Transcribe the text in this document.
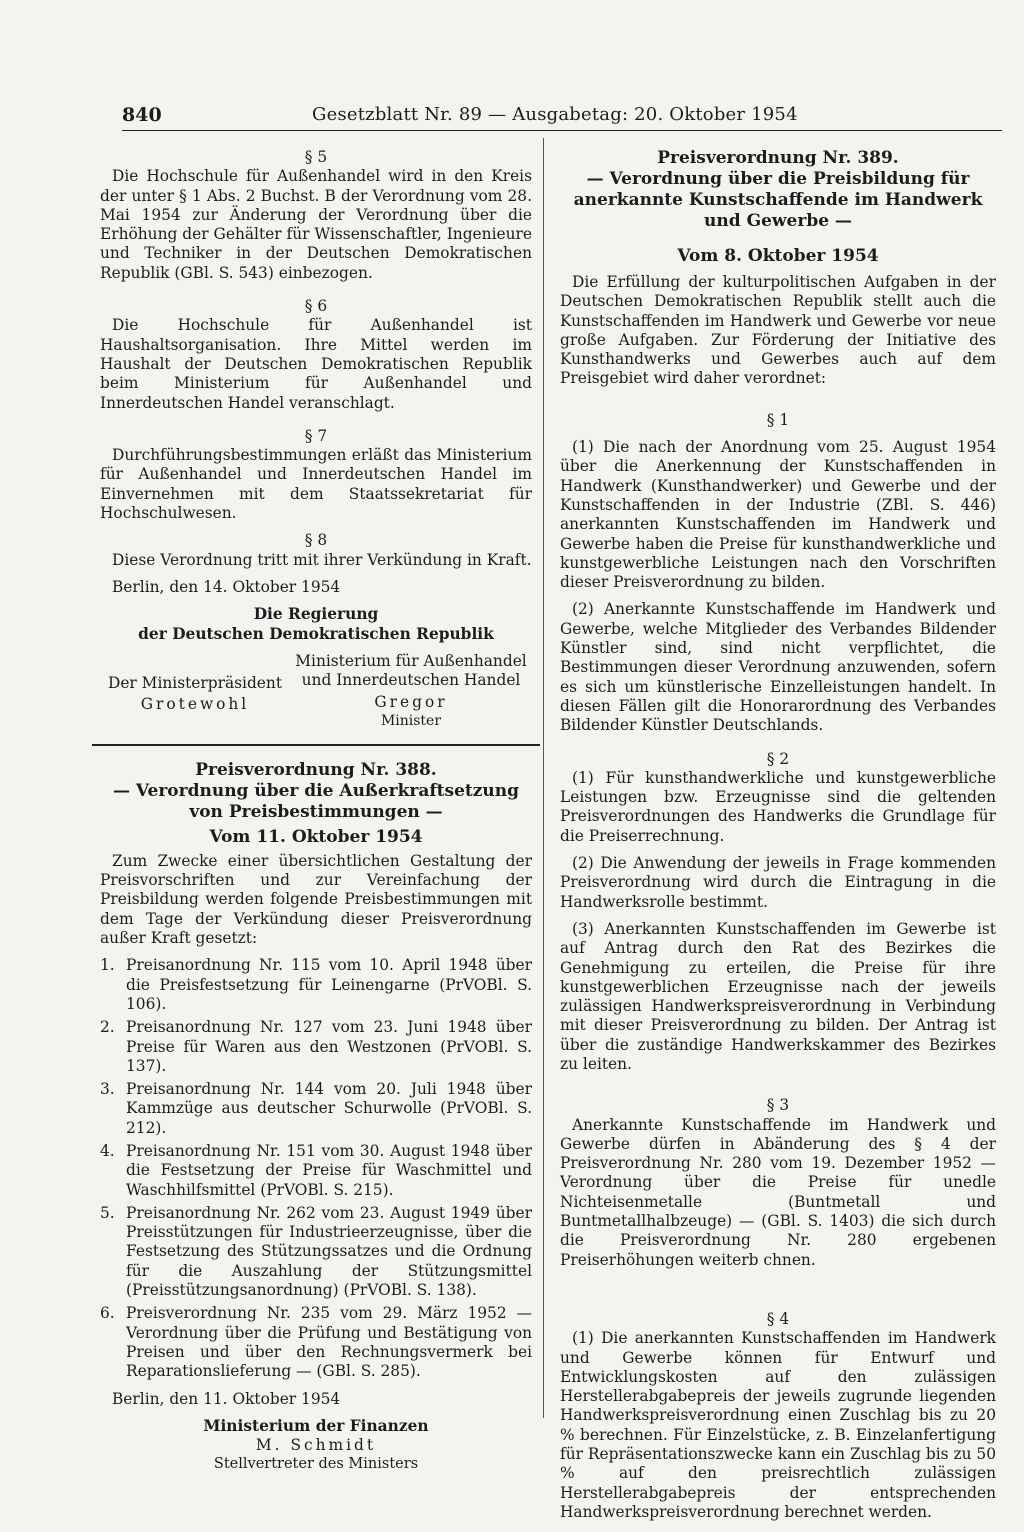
840	Gesetzblatt Nr. 89 — Ausgabetag: 20. Oktober 1954

§ 5

Die Hochschule für Außenhandel wird in den Kreis der unter § 1 Abs. 2 Buchst. B der Verordnung vom 28. Mai 1954 zur Änderung der Verordnung über die Erhöhung der Gehälter für Wissenschaftler, Ingenieure und Techniker in der Deutschen Demokratischen Republik (GBl. S. 543) einbezogen.

§ 6

Die Hochschule für Außenhandel ist Haushaltsorganisation. Ihre Mittel werden im Haushalt der Deutschen Demokratischen Republik beim Ministerium für Außenhandel und Innerdeutschen Handel veranschlagt.

§ 7

Durchführungsbestimmungen erläßt das Ministerium für Außenhandel und Innerdeutschen Handel im Einvernehmen mit dem Staatssekretariat für Hochschulwesen.

§ 8

Diese Verordnung tritt mit ihrer Verkündung in Kraft.

Berlin, den 14. Oktober 1954

Die Regierung

der Deutschen Demokratischen Republik

Der Ministerpräsident
Grotewohl
Ministerium für Außenhandel
und Innerdeutschen Handel
Gregor
Minister

Preisverordnung Nr. 388.

— Verordnung über die Außerkraftsetzung von Preisbestimmungen —

Vom 11. Oktober 1954

Zum Zwecke einer übersichtlichen Gestaltung der Preisvorschriften und zur Vereinfachung der Preisbildung werden folgende Preisbestimmungen mit dem Tage der Verkündung dieser Preisverordnung außer Kraft gesetzt:

1. Preisanordnung Nr. 115 vom 10. April 1948 über die Preisfestsetzung für Leinengarne (PrVOBl. S. 106).
2. Preisanordnung Nr. 127 vom 23. Juni 1948 über Preise für Waren aus den Westzonen (PrVOBl. S. 137).
3. Preisanordnung Nr. 144 vom 20. Juli 1948 über Kammzüge aus deutscher Schurwolle (PrVOBl. S. 212).
4. Preisanordnung Nr. 151 vom 30. August 1948 über die Festsetzung der Preise für Waschmittel und Waschhilfsmittel (PrVOBl. S. 215).
5. Preisanordnung Nr. 262 vom 23. August 1949 über Preisstützungen für Industrieerzeugnisse, über die Festsetzung des Stützungssatzes und die Ordnung für die Auszahlung der Stützungsmittel (Preisstützungsanordnung) (PrVOBl. S. 138).
6. Preisverordnung Nr. 235 vom 29. März 1952 — Verordnung über die Prüfung und Bestätigung von Preisen und über den Rechnungsvermerk bei Reparationslieferung — (GBl. S. 285).

Berlin, den 11. Oktober 1954

Ministerium der Finanzen

M. Schmidt

Stellvertreter des Ministers

Preisverordnung Nr. 389.

— Verordnung über die Preisbildung für anerkannte Kunstschaffende im Handwerk und Gewerbe —

Vom 8. Oktober 1954

Die Erfüllung der kulturpolitischen Aufgaben in der Deutschen Demokratischen Republik stellt auch die Kunstschaffenden im Handwerk und Gewerbe vor neue große Aufgaben. Zur Förderung der Initiative des Kunsthandwerks und Gewerbes auch auf dem Preisgebiet wird daher verordnet:

§ 1

(1) Die nach der Anordnung vom 25. August 1954 über die Anerkennung der Kunstschaffenden in Handwerk (Kunsthandwerker) und Gewerbe und der Kunstschaffenden in der Industrie (ZBl. S. 446) anerkannten Kunstschaffenden im Handwerk und Gewerbe haben die Preise für kunsthandwerkliche und kunstgewerbliche Leistungen nach den Vorschriften dieser Preisverordnung zu bilden.

(2) Anerkannte Kunstschaffende im Handwerk und Gewerbe, welche Mitglieder des Verbandes Bildender Künstler sind, sind nicht verpflichtet, die Bestimmungen dieser Verordnung anzuwenden, sofern es sich um künstlerische Einzelleistungen handelt. In diesen Fällen gilt die Honorarordnung des Verbandes Bildender Künstler Deutschlands.

§ 2

(1) Für kunsthandwerkliche und kunstgewerbliche Leistungen bzw. Erzeugnisse sind die geltenden Preisverordnungen des Handwerks die Grundlage für die Preiserrechnung.

(2) Die Anwendung der jeweils in Frage kommenden Preisverordnung wird durch die Eintragung in die Handwerksrolle bestimmt.

(3) Anerkannten Kunstschaffenden im Gewerbe ist auf Antrag durch den Rat des Bezirkes die Genehmigung zu erteilen, die Preise für ihre kunstgewerblichen Erzeugnisse nach der jeweils zulässigen Handwerkspreisverordnung in Verbindung mit dieser Preisverordnung zu bilden. Der Antrag ist über die zuständige Handwerkskammer des Bezirkes zu leiten.

§ 3

Anerkannte Kunstschaffende im Handwerk und Gewerbe dürfen in Abänderung des § 4 der Preisverordnung Nr. 280 vom 19. Dezember 1952 — Verordnung über die Preise für unedle Nichteisenmetalle (Buntmetall und Buntmetallhalbzeuge) — (GBl. S. 1403) die sich durch die Preisverordnung Nr. 280 ergebenen Preiserhöhungen weiterb chnen.

§ 4

(1) Die anerkannten Kunstschaffenden im Handwerk und Gewerbe können für Entwurf und Entwicklungskosten auf den zulässigen Herstellerabgabepreis der jeweils zugrunde liegenden Handwerkspreisverordnung einen Zuschlag bis zu 20 % berechnen. Für Einzelstücke, z. B. Einzelanfertigung für Repräsentationszwecke kann ein Zuschlag bis zu 50 % auf den preisrechtlich zulässigen Herstellerabgabepreis der entsprechenden Handwerkspreisverordnung berechnet werden.
